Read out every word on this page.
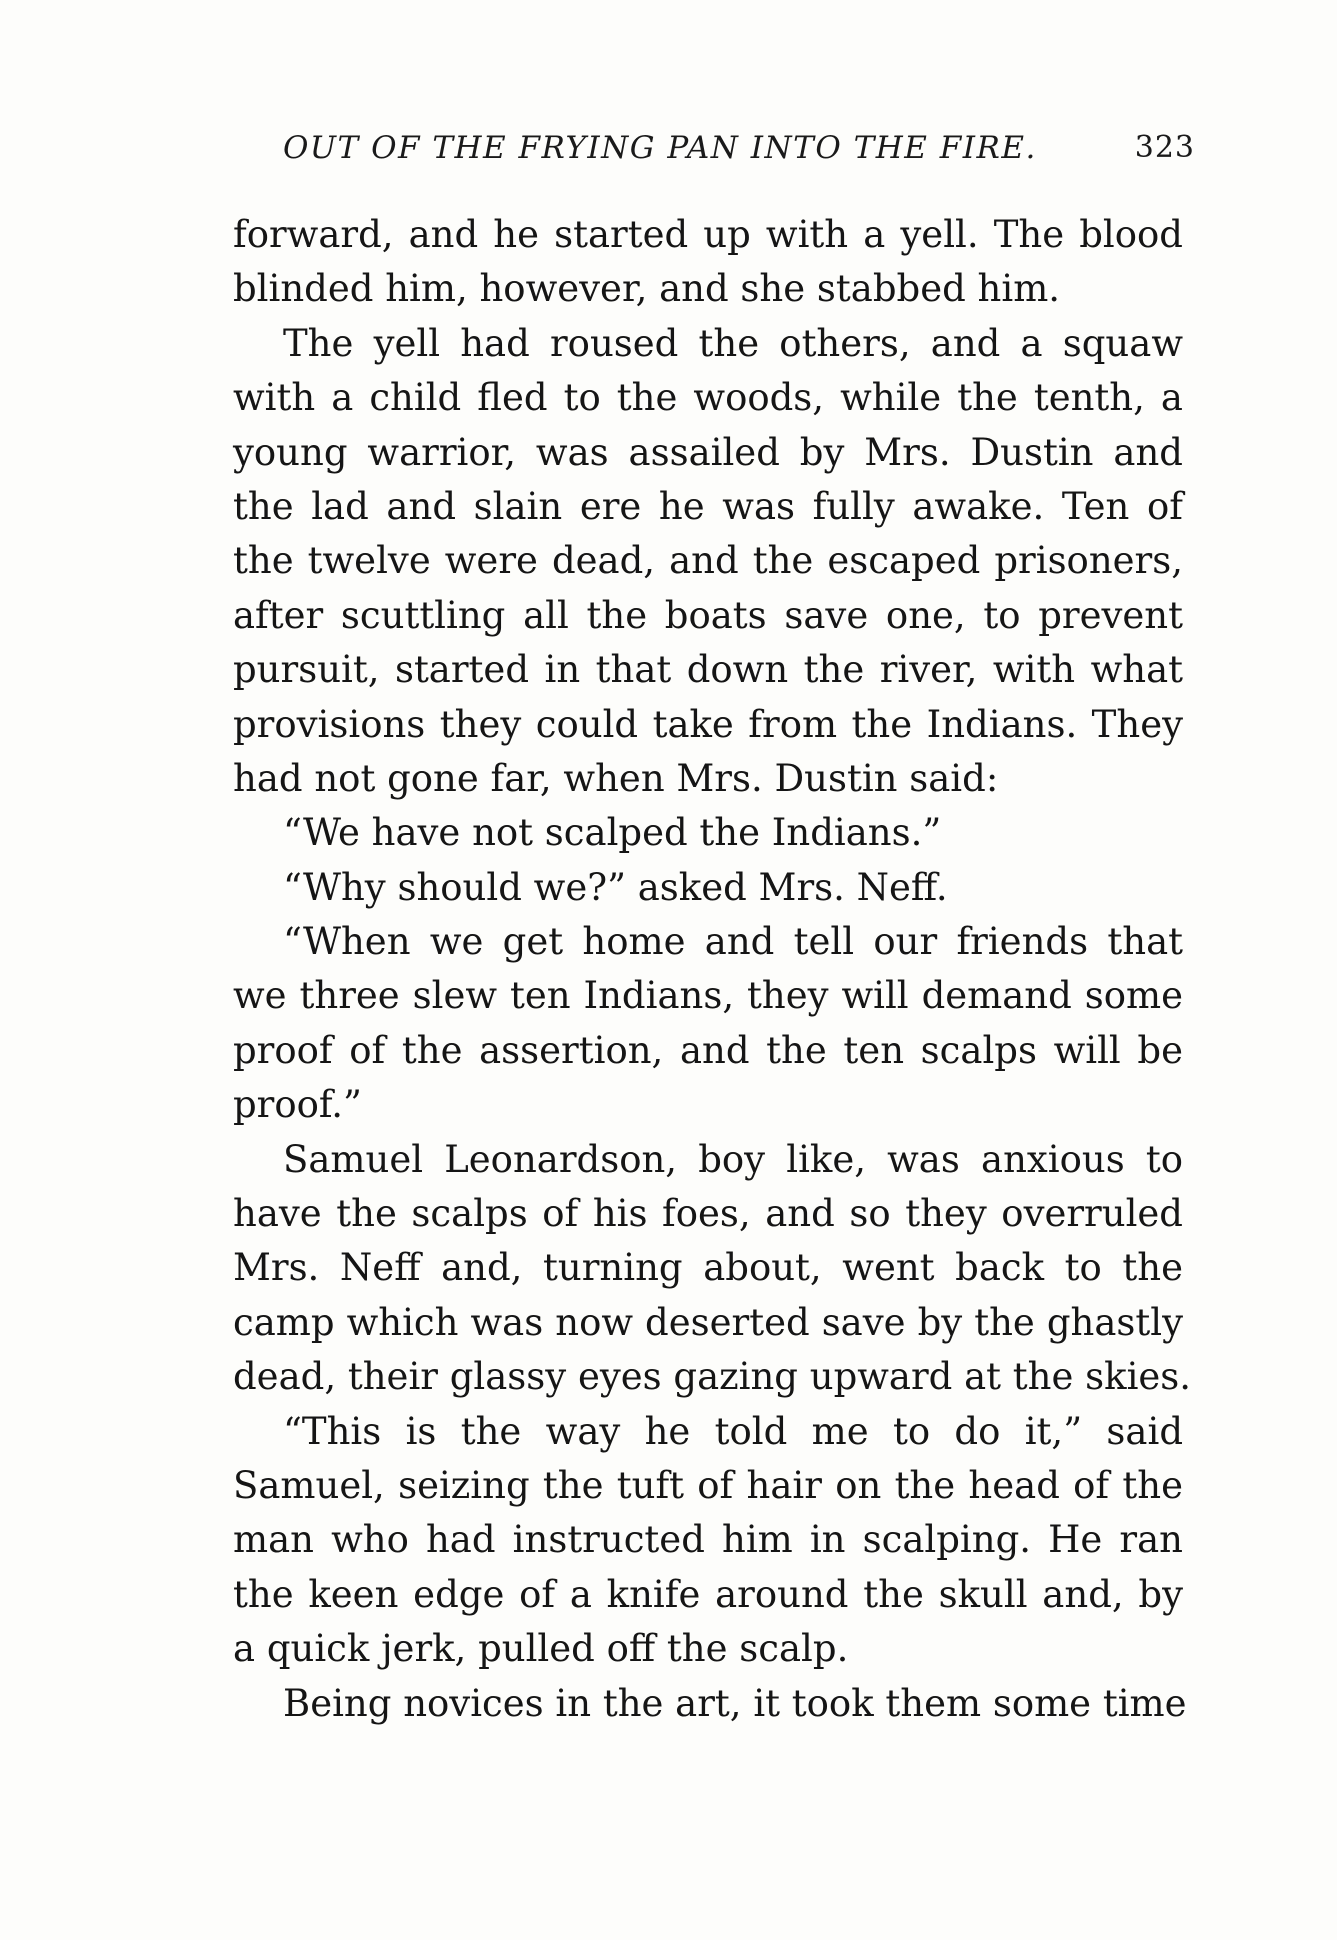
OUT OF THE FRYING PAN INTO THE FIRE.	323
forward, and he started up with a yell. The blood
blinded him, however, and she stabbed him.
The yell had roused the others, and a squaw
with a child fled to the woods, while the tenth, a
young warrior, was assailed by Mrs. Dustin and
the lad and slain ere he was fully awake. Ten of
the twelve were dead, and the escaped prisoners,
after scuttling all the boats save one, to prevent
pursuit, started in that down the river, with what
provisions they could take from the Indians. They
had not gone far, when Mrs. Dustin said:
“We have not scalped the Indians.”
“Why should we?” asked Mrs. Neff.
“When we get home and tell our friends that
we three slew ten Indians, they will demand some
proof of the assertion, and the ten scalps will be
proof.”
Samuel Leonardson, boy like, was anxious to
have the scalps of his foes, and so they overruled
Mrs. Neff and, turning about, went back to the
camp which was now deserted save by the ghastly
dead, their glassy eyes gazing upward at the skies.
“This is the way he told me to do it,” said
Samuel, seizing the tuft of hair on the head of the
man who had instructed him in scalping. He ran
the keen edge of a knife around the skull and, by
a quick jerk, pulled off the scalp.
Being novices in the art, it took them some time
